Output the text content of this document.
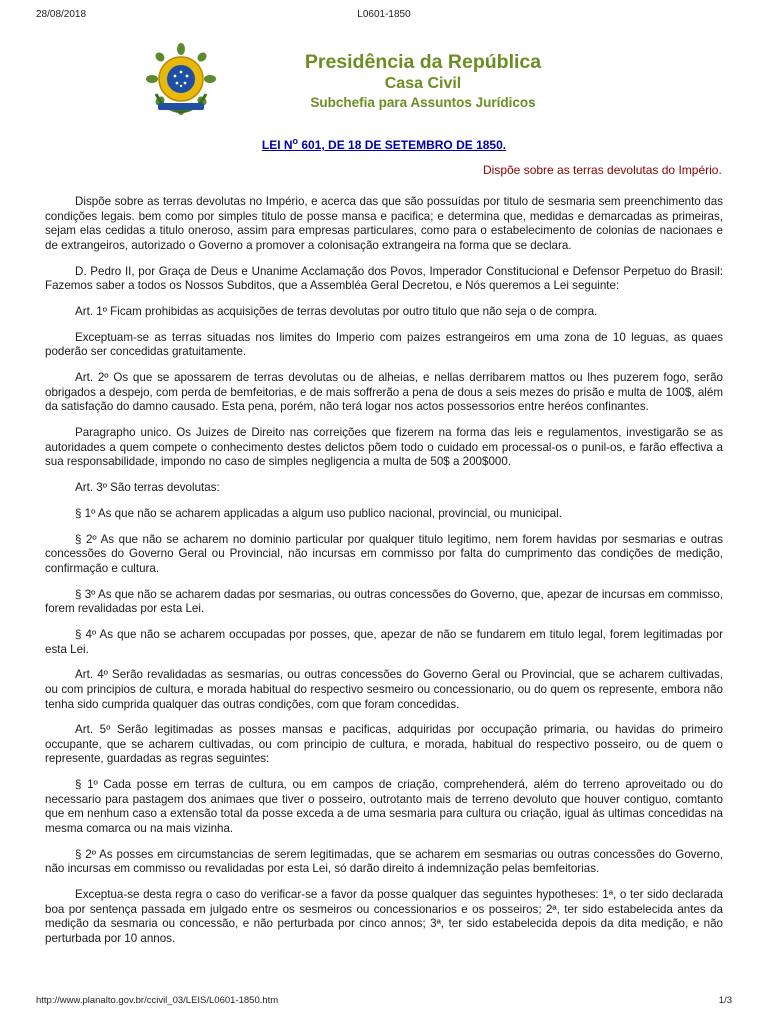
28/08/2018	L0601-1850
Presidência da República
Casa Civil
Subchefia para Assuntos Jurídicos
LEI $N^o$ 601, DE 18 DE SETEMBRO DE 1850.
Dispõe sobre as terras devolutas do Império.

Dispõe sobre as terras devolutas no Império, e acerca das que são possuídas por titulo de sesmaria sem preenchimento das condições legais. bem como por simples titulo de posse mansa e pacifica; e determina que, medidas e demarcadas as primeiras, sejam elas cedidas a titulo oneroso, assim para empresas particulares, como para o estabelecimento de colonias de nacionaes e de extrangeiros, autorizado o Governo a promover a colonisação extrangeira na forma que se declara.

D. Pedro II, por Graça de Deus e Unanime Acclamação dos Povos, Imperador Constitucional e Defensor Perpetuo do Brasil: Fazemos saber a todos os Nossos Subditos, que a Assembléa Geral Decretou, e Nós queremos a Lei seguinte:

Art. 1º Ficam prohibidas as acquisições de terras devolutas por outro titulo que não seja o de compra.

Exceptuam-se as terras situadas nos limites do Imperio com paizes estrangeiros em uma zona de 10 leguas, as quaes poderão ser concedidas gratuitamente.

Art. 2º Os que se apossarem de terras devolutas ou de alheias, e nellas derribarem mattos ou lhes puzerem fogo, serão obrigados a despejo, com perda de bemfeitorias, e de mais soffrerão a pena de dous a seis mezes do prisão e multa de 100$, além da satisfação do damno causado. Esta pena, porém, não terá logar nos actos possessorios entre heréos confinantes.

Paragrapho unico. Os Juizes de Direito nas correições que fizerem na forma das leis e regulamentos, investigarão se as autoridades a quem compete o conhecimento destes delictos põem todo o cuidado em processal-os o punil-os, e farão effectiva a sua responsabilidade, impondo no caso de simples negligencia a multa de 50$ a 200$000.

Art. 3º São terras devolutas:

§ 1º As que não se acharem applicadas a algum uso publico nacional, provincial, ou municipal.

§ 2º As que não se acharem no dominio particular por qualquer titulo legitimo, nem forem havidas por sesmarias e outras concessões do Governo Geral ou Provincial, não incursas em commisso por falta do cumprimento das condições de medição, confirmação e cultura.

§ 3º As que não se acharem dadas por sesmarias, ou outras concessões do Governo, que, apezar de incursas em commisso, forem revalidadas por esta Lei.

§ 4º As que não se acharem occupadas por posses, que, apezar de não se fundarem em titulo legal, forem legitimadas por esta Lei.

Art. 4º Serão revalidadas as sesmarias, ou outras concessões do Governo Geral ou Provincial, que se acharem cultivadas, ou com principios de cultura, e morada habitual do respectivo sesmeiro ou concessionario, ou do quem os represente, embora não tenha sido cumprida qualquer das outras condições, com que foram concedidas.

Art. 5º Serão legitimadas as posses mansas e pacificas, adquiridas por occupação primaria, ou havidas do primeiro occupante, que se acharem cultivadas, ou com principio de cultura, e morada, habitual do respectivo posseiro, ou de quem o represente, guardadas as regras seguintes:

§ 1º Cada posse em terras de cultura, ou em campos de criação, comprehenderá, além do terreno aproveitado ou do necessario para pastagem dos animaes que tiver o posseiro, outrotanto mais de terreno devoluto que houver contiguo, comtanto que em nenhum caso a extensão total da posse exceda a de uma sesmaria para cultura ou criação, igual ás ultimas concedidas na mesma comarca ou na mais vizinha.

§ 2º As posses em circumstancias de serem legitimadas, que se acharem em sesmarias ou outras concessões do Governo, não incursas em commisso ou revalidadas por esta Lei, só darão direito á indemnização pelas bemfeitorias.

Exceptua-se desta regra o caso do verificar-se a favor da posse qualquer das seguintes hypotheses: 1ª, o ter sido declarada boa por sentença passada em julgado entre os sesmeiros ou concessionarios e os posseiros; 2ª, ter sido estabelecida antes da medição da sesmaria ou concessão, e não perturbada por cinco annos; 3ª, ter sido estabelecida depois da dita medição, e não perturbada por 10 annos.

http://www.planalto.gov.br/ccivil_03/LEIS/L0601-1850.htm	1/3
